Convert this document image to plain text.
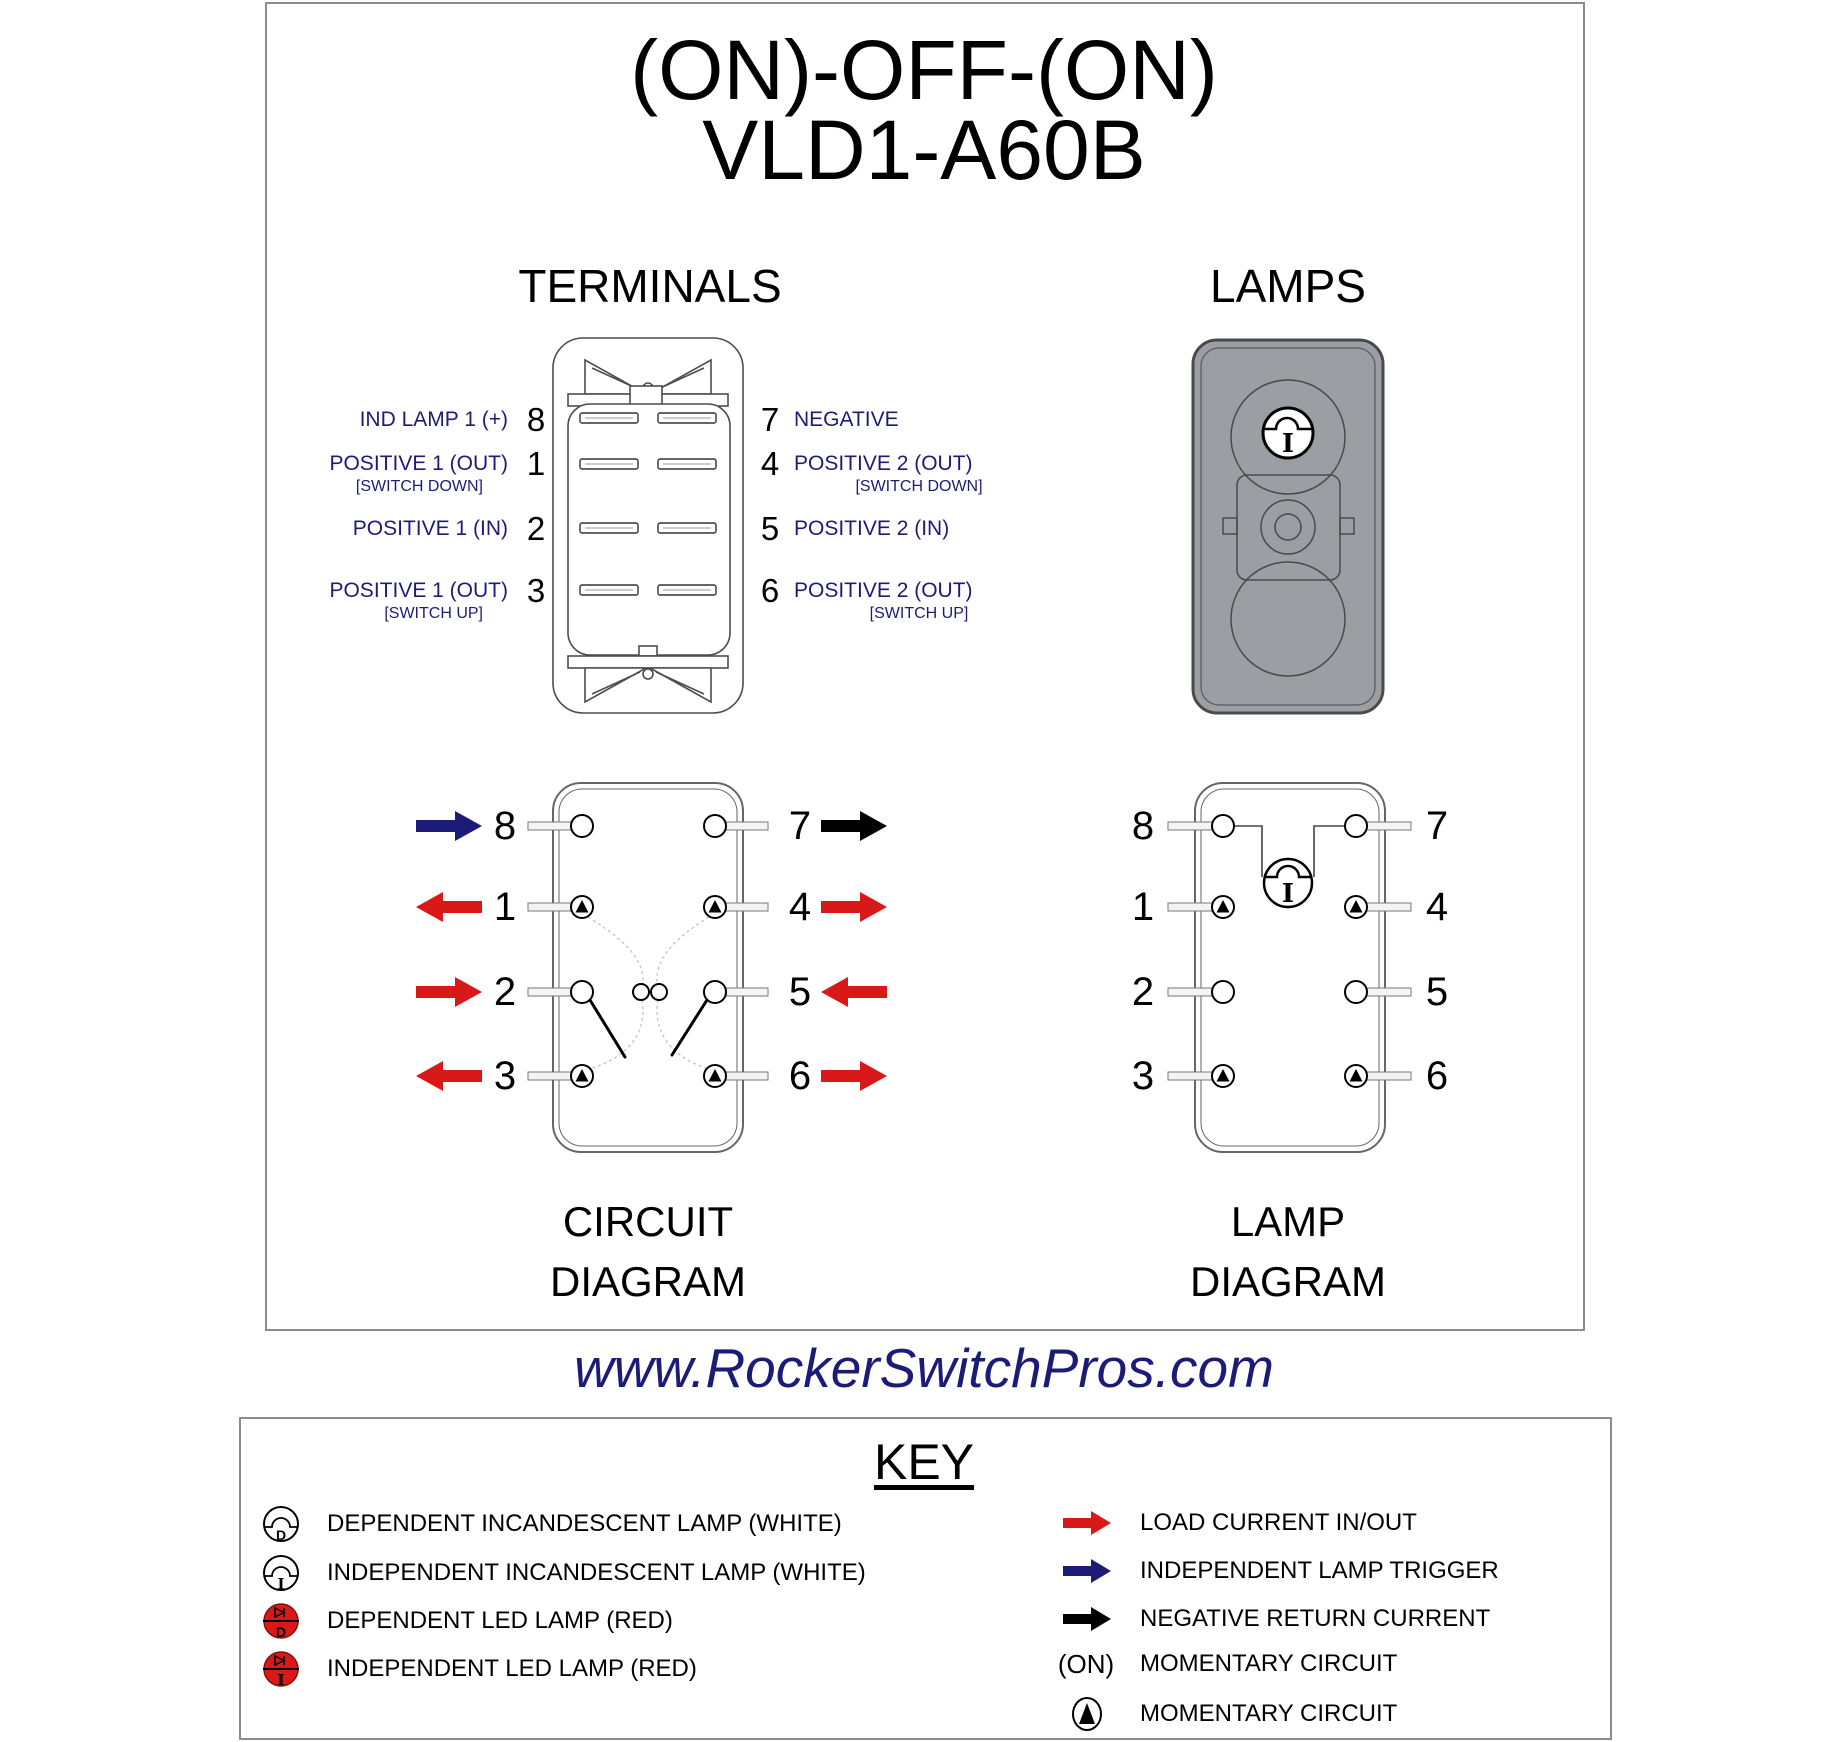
I
I
D
I
D
I
(ON)-OFF-(ON)
VLD1-A60B
TERMINALS	LAMPS
IND LAMP 1 (+)
POSITIVE 1 (OUT)
[SWITCH DOWN]
POSITIVE 1 (IN)
POSITIVE 1 (OUT)
[SWITCH UP]
8
1
2
3
7
4
5
6
NEGATIVE
POSITIVE 2 (OUT)
[SWITCH DOWN]
POSITIVE 2 (IN)
POSITIVE 2 (OUT)
[SWITCH UP]
8
1
2
3
7
4
5
6
8
1
2
3
7
4
5
6
CIRCUIT
DIAGRAM
LAMP
DIAGRAM
www.RockerSwitchPros.com
KEY
DEPENDENT INCANDESCENT LAMP (WHITE)
INDEPENDENT INCANDESCENT LAMP (WHITE)
DEPENDENT LED LAMP (RED)
INDEPENDENT LED LAMP (RED)
LOAD CURRENT IN/OUT
INDEPENDENT LAMP TRIGGER
NEGATIVE RETURN CURRENT
MOMENTARY CIRCUIT
MOMENTARY CIRCUIT
(ON)
